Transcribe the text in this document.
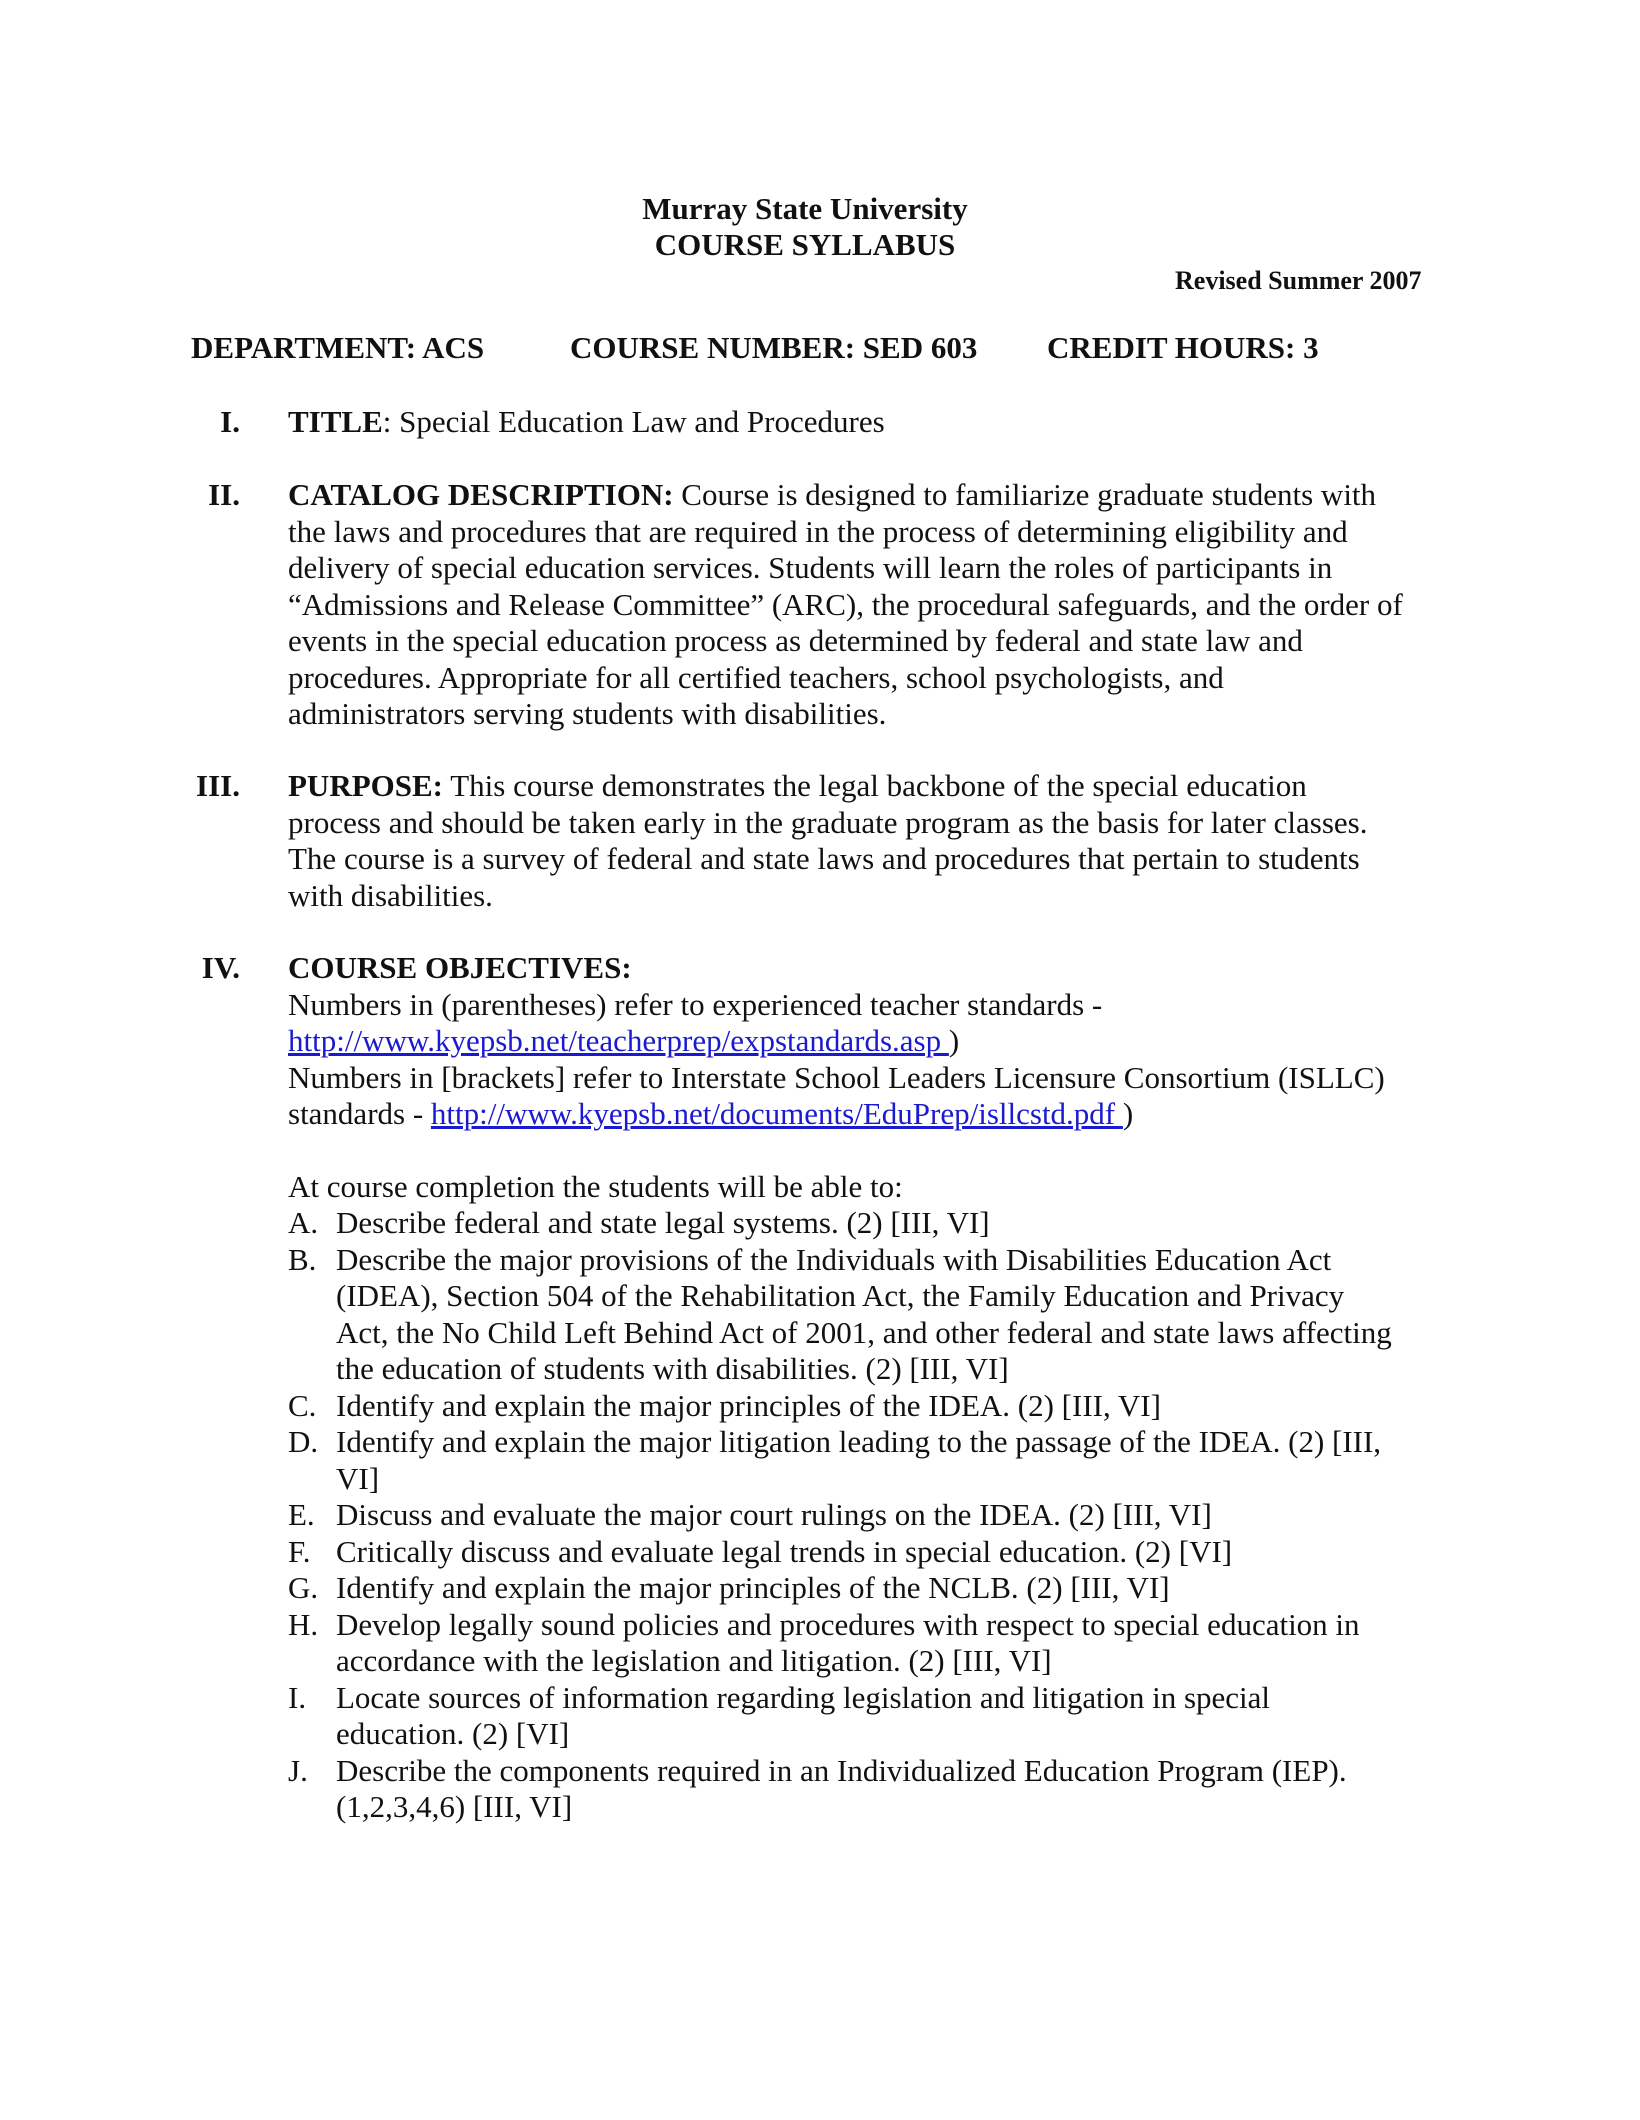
Murray State University
COURSE SYLLABUS
Revised Summer 2007
DEPARTMENT: ACS	COURSE NUMBER: SED 603 CREDIT HOURS: 3
I. TITLE: Special Education Law and Procedures
II. CATALOG DESCRIPTION: Course is designed to familiarize graduate students with
the laws and procedures that are required in the process of determining eligibility and
delivery of special education services. Students will learn the roles of participants in
“Admissions and Release Committee” (ARC), the procedural safeguards, and the order of
events in the special education process as determined by federal and state law and
procedures. Appropriate for all certified teachers, school psychologists, and
administrators serving students with disabilities.
III. PURPOSE: This course demonstrates the legal backbone of the special education
process and should be taken early in the graduate program as the basis for later classes.
The course is a survey of federal and state laws and procedures that pertain to students
with disabilities.
IV. COURSE OBJECTIVES:
Numbers in (parentheses) refer to experienced teacher standards -
http://www.kyepsb.net/teacherprep/expstandards.asp )
Numbers in [brackets] refer to Interstate School Leaders Licensure Consortium (ISLLC)
standards - http://www.kyepsb.net/documents/EduPrep/isllcstd.pdf )
At course completion the students will be able to:
A. Describe federal and state legal systems. (2) [III, VI]
B. Describe the major provisions of the Individuals with Disabilities Education Act
(IDEA), Section 504 of the Rehabilitation Act, the Family Education and Privacy
Act, the No Child Left Behind Act of 2001, and other federal and state laws affecting
the education of students with disabilities. (2) [III, VI]
C. Identify and explain the major principles of the IDEA. (2) [III, VI]
D. Identify and explain the major litigation leading to the passage of the IDEA. (2) [III,
VI]
E. Discuss and evaluate the major court rulings on the IDEA. (2) [III, VI]
F. Critically discuss and evaluate legal trends in special education. (2) [VI]
G. Identify and explain the major principles of the NCLB. (2) [III, VI]
H. Develop legally sound policies and procedures with respect to special education in
accordance with the legislation and litigation. (2) [III, VI]
I. Locate sources of information regarding legislation and litigation in special
education. (2) [VI]
J. Describe the components required in an Individualized Education Program (IEP).
(1,2,3,4,6) [III, VI]
